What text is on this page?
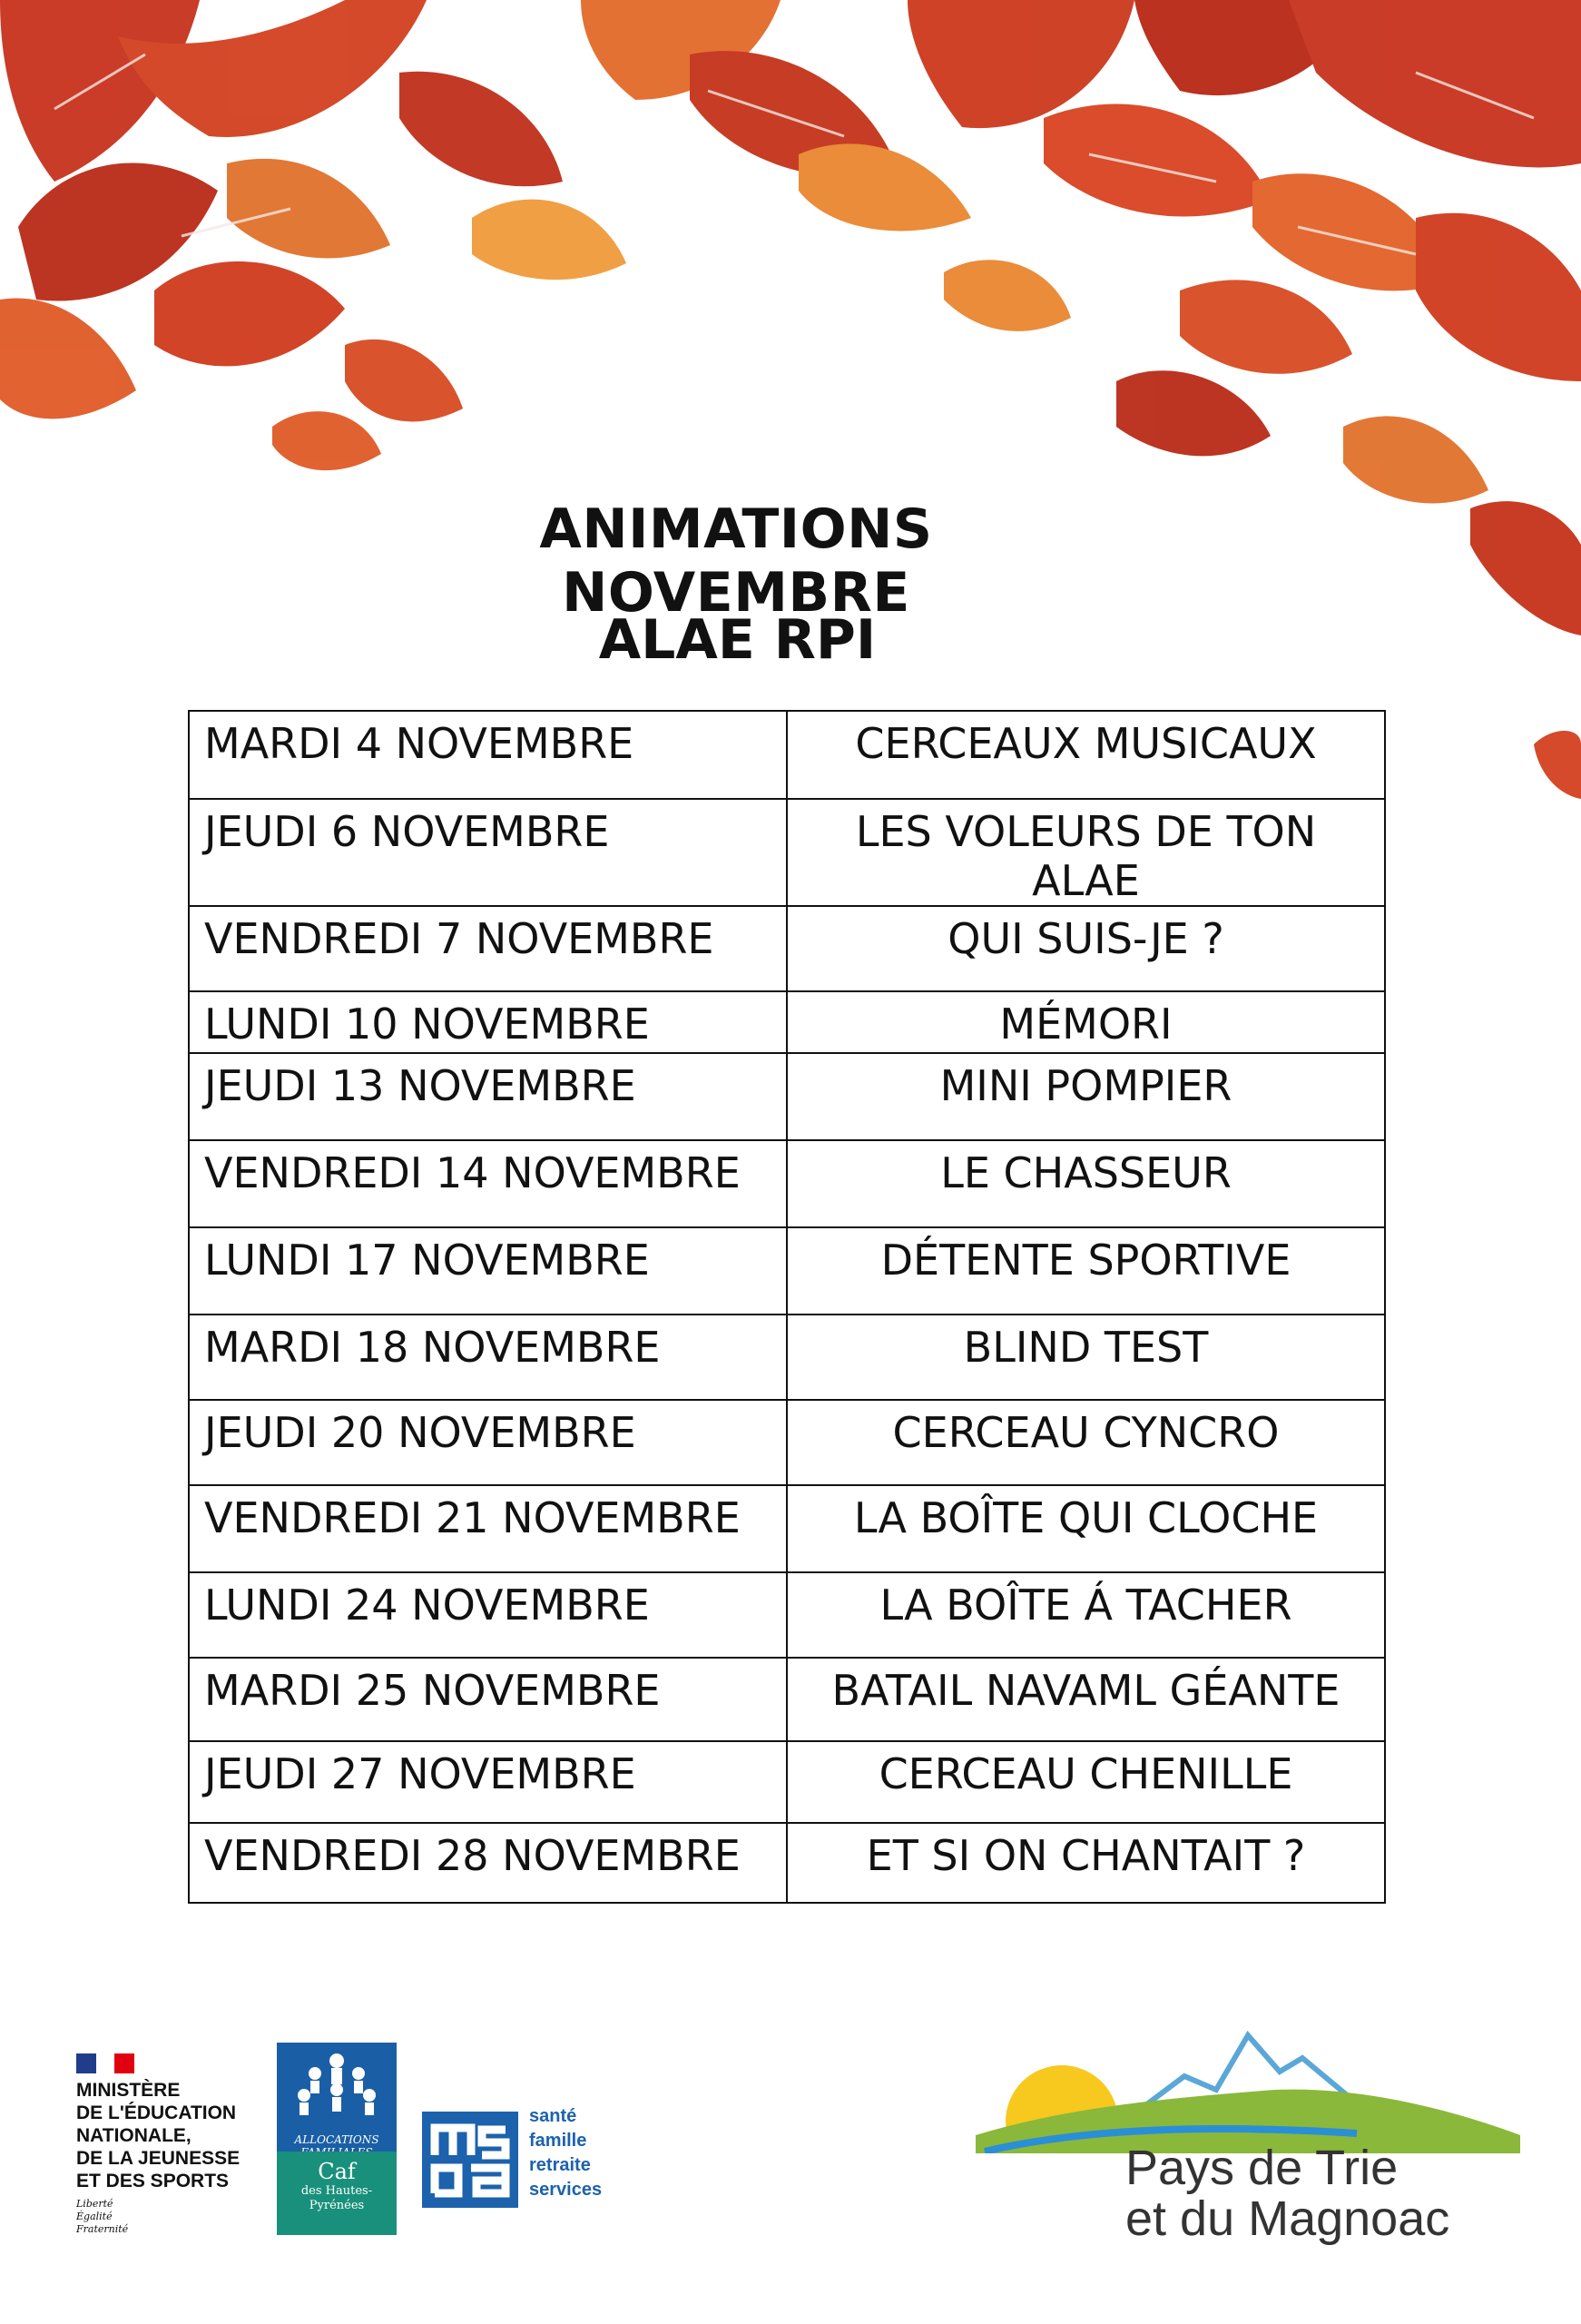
ANIMATIONS NOVEMBRE
ALAE RPI
MARDI 4 NOVEMBRE	CERCEAUX MUSICAUX
JEUDI 6 NOVEMBRE	LES VOLEURS DE TON ALAE
VENDREDI 7 NOVEMBRE	QUI SUIS-JE ?
LUNDI 10 NOVEMBRE	MÉMORI
JEUDI 13 NOVEMBRE	MINI POMPIER
VENDREDI 14 NOVEMBRE	LE CHASSEUR
LUNDI 17 NOVEMBRE	DÉTENTE SPORTIVE
MARDI 18 NOVEMBRE	BLIND TEST
JEUDI 20 NOVEMBRE	CERCEAU CYNCRO
VENDREDI 21 NOVEMBRE	LA BOÎTE QUI CLOCHE
LUNDI 24 NOVEMBRE	LA BOÎTE Á TACHER
MARDI 25 NOVEMBRE	BATAIL NAVAML GÉANTE
JEUDI 27 NOVEMBRE	CERCEAU CHENILLE
VENDREDI 28 NOVEMBRE	ET SI ON CHANTAIT ?
MINISTÈRE
DE L'ÉDUCATION
NATIONALE,
DE LA JEUNESSE
ET DES SPORTS
Liberté
Égalité
Fraternité
ALLOCATIONS
Caf
des Hautes-Pyrénées
santé
famille
retraite
services	Pays de Trie
et du Magnoac
